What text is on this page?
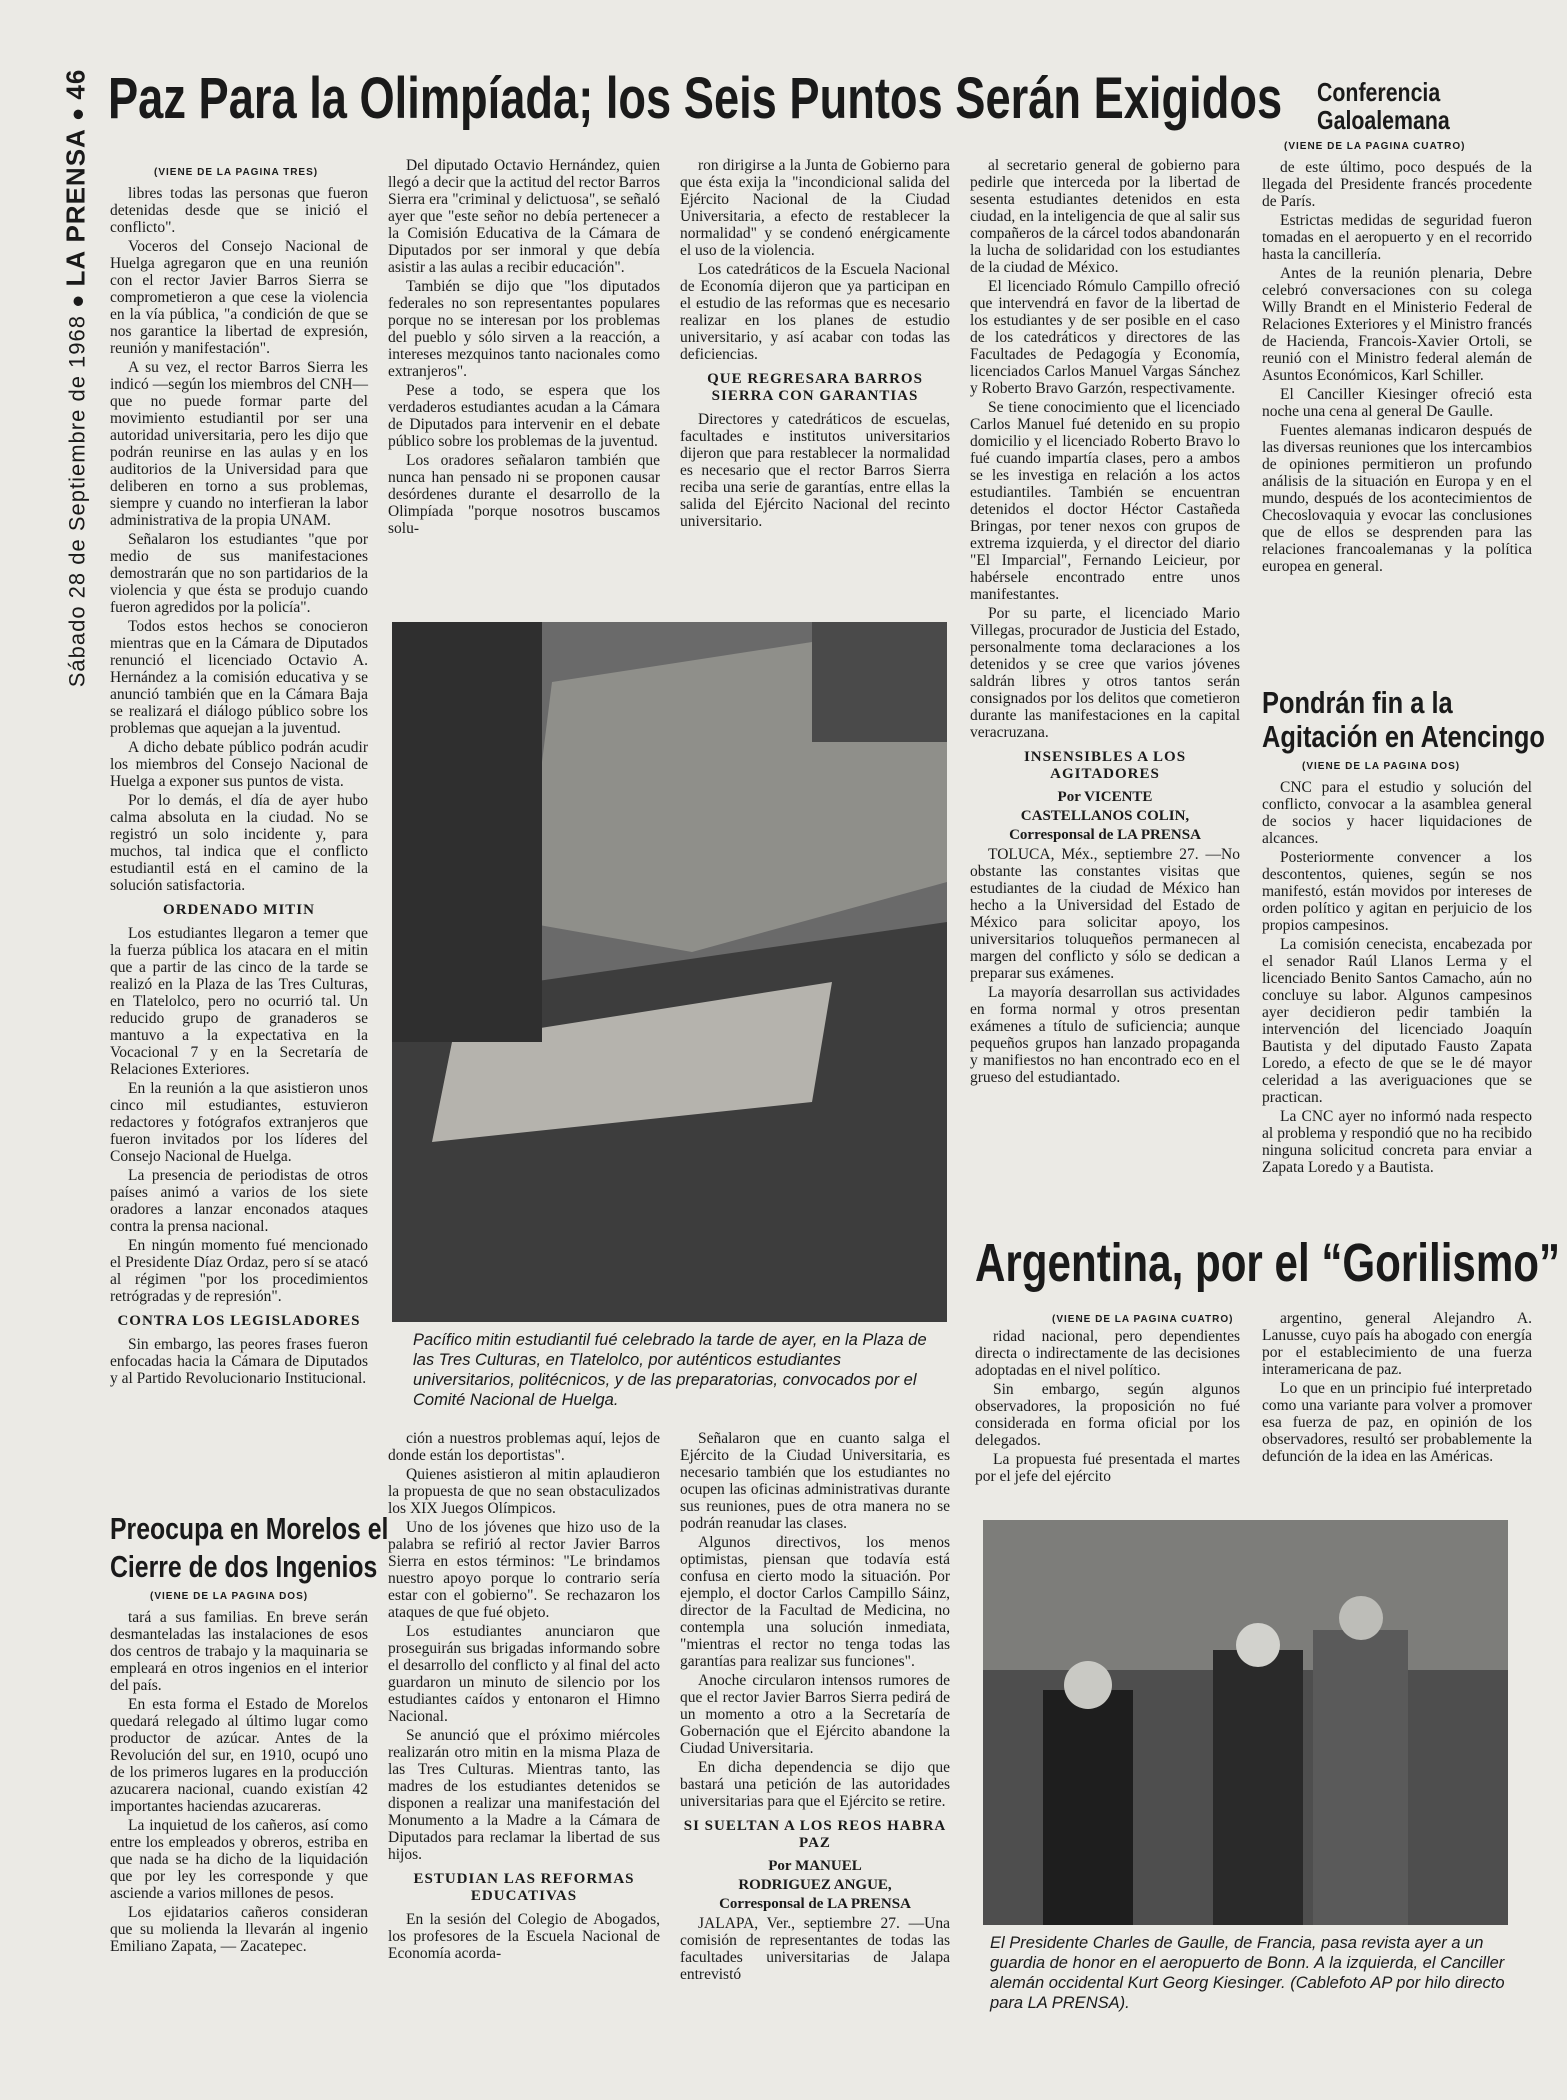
Sábado 28 de Septiembre de 1968 ● LA PRENSA ● 46 Paz Para la Olimpíada; los Seis Puntos Serán Exigidos
(VIENE DE LA PAGINA TRES)

libres todas las personas que fueron detenidas desde que se inició el conflicto".

Voceros del Consejo Nacional de Huelga agregaron que en una reunión con el rector Javier Barros Sierra se comprometieron a que cese la violencia en la vía pública, "a condición de que se nos garantice la libertad de expresión, reunión y manifestación".

A su vez, el rector Barros Sierra les indicó —según los miembros del CNH— que no puede formar parte del movimiento estudiantil por ser una autoridad universitaria, pero les dijo que podrán reunirse en las aulas y en los auditorios de la Universidad para que deliberen en torno a sus problemas, siempre y cuando no interfieran la labor administrativa de la propia UNAM.

Señalaron los estudiantes "que por medio de sus manifestaciones demostrarán que no son partidarios de la violencia y que ésta se produjo cuando fueron agredidos por la policía".

Todos estos hechos se conocieron mientras que en la Cámara de Diputados renunció el licenciado Octavio A. Hernández a la comisión educativa y se anunció también que en la Cámara Baja se realizará el diálogo público sobre los problemas que aquejan a la juventud.

A dicho debate público podrán acudir los miembros del Consejo Nacional de Huelga a exponer sus puntos de vista.

Por lo demás, el día de ayer hubo calma absoluta en la ciudad. No se registró un solo incidente y, para muchos, tal indica que el conflicto estudiantil está en el camino de la solución satisfactoria.

ORDENADO MITIN

Los estudiantes llegaron a temer que la fuerza pública los atacara en el mitin que a partir de las cinco de la tarde se realizó en la Plaza de las Tres Culturas, en Tlatelolco, pero no ocurrió tal. Un reducido grupo de granaderos se mantuvo a la expectativa en la Vocacional 7 y en la Secretaría de Relaciones Exteriores.

En la reunión a la que asistieron unos cinco mil estudiantes, estuvieron redactores y fotógrafos extranjeros que fueron invitados por los líderes del Consejo Nacional de Huelga.

La presencia de periodistas de otros países animó a varios de los siete oradores a lanzar enconados ataques contra la prensa nacional.

En ningún momento fué mencionado el Presidente Díaz Ordaz, pero sí se atacó al régimen "por los procedimientos retrógradas y de represión".

CONTRA LOS LEGISLADORES

Sin embargo, las peores frases fueron enfocadas hacia la Cámara de Diputados y al Partido Revolucionario Institucional.

Preocupa en Morelos el
Cierre de dos Ingenios
(VIENE DE LA PAGINA DOS)

tará a sus familias. En breve serán desmanteladas las instalaciones de esos dos centros de trabajo y la maquinaria se empleará en otros ingenios en el interior del país.

En esta forma el Estado de Morelos quedará relegado al último lugar como productor de azúcar. Antes de la Revolución del sur, en 1910, ocupó uno de los primeros lugares en la producción azucarera nacional, cuando existían 42 importantes haciendas azucareras.

La inquietud de los cañeros, así como entre los empleados y obreros, estriba en que nada se ha dicho de la liquidación que por ley les corresponde y que asciende a varios millones de pesos.

Los ejidatarios cañeros consideran que su molienda la llevarán al ingenio Emiliano Zapata, — Zacatepec.

Del diputado Octavio Hernández, quien llegó a decir que la actitud del rector Barros Sierra era "criminal y delictuosa", se señaló ayer que "este señor no debía pertenecer a la Comisión Educativa de la Cámara de Diputados por ser inmoral y que debía asistir a las aulas a recibir educación".

También se dijo que "los diputados federales no son representantes populares porque no se interesan por los problemas del pueblo y sólo sirven a la reacción, a intereses mezquinos tanto nacionales como extranjeros".

Pese a todo, se espera que los verdaderos estudiantes acudan a la Cámara de Diputados para intervenir en el debate público sobre los problemas de la juventud.

Los oradores señalaron también que nunca han pensado ni se proponen causar desórdenes durante el desarrollo de la Olimpíada "porque nosotros buscamos solu-

ron dirigirse a la Junta de Gobierno para que ésta exija la "incondicional salida del Ejército Nacional de la Ciudad Universitaria, a efecto de restablecer la normalidad" y se condenó enérgicamente el uso de la violencia.

Los catedráticos de la Escuela Nacional de Economía dijeron que ya participan en el estudio de las reformas que es necesario realizar en los planes de estudio universitario, y así acabar con todas las deficiencias.

QUE REGRESARA BARROS SIERRA CON GARANTIAS

Directores y catedráticos de escuelas, facultades e institutos universitarios dijeron que para restablecer la normalidad es necesario que el rector Barros Sierra reciba una serie de garantías, entre ellas la salida del Ejército Nacional del recinto universitario.

Pacífico mitin estudiantil fué celebrado la tarde de ayer, en la Plaza de las Tres Culturas, en Tlatelolco, por auténticos estudiantes universitarios, politécnicos, y de las preparatorias, convocados por el Comité Nacional de Huelga.

ción a nuestros problemas aquí, lejos de donde están los deportistas".

Quienes asistieron al mitin aplaudieron la propuesta de que no sean obstaculizados los XIX Juegos Olímpicos.

Uno de los jóvenes que hizo uso de la palabra se refirió al rector Javier Barros Sierra en estos términos: "Le brindamos nuestro apoyo porque lo contrario sería estar con el gobierno". Se rechazaron los ataques de que fué objeto.

Los estudiantes anunciaron que proseguirán sus brigadas informando sobre el desarrollo del conflicto y al final del acto guardaron un minuto de silencio por los estudiantes caídos y entonaron el Himno Nacional.

Se anunció que el próximo miércoles realizarán otro mitin en la misma Plaza de las Tres Culturas. Mientras tanto, las madres de los estudiantes detenidos se disponen a realizar una manifestación del Monumento a la Madre a la Cámara de Diputados para reclamar la libertad de sus hijos.

ESTUDIAN LAS REFORMAS EDUCATIVAS

En la sesión del Colegio de Abogados, los profesores de la Escuela Nacional de Economía acorda-

Señalaron que en cuanto salga el Ejército de la Ciudad Universitaria, es necesario también que los estudiantes no ocupen las oficinas administrativas durante sus reuniones, pues de otra manera no se podrán reanudar las clases.

Algunos directivos, los menos optimistas, piensan que todavía está confusa en cierto modo la situación. Por ejemplo, el doctor Carlos Campillo Sáinz, director de la Facultad de Medicina, no contempla una solución inmediata, "mientras el rector no tenga todas las garantías para realizar sus funciones".

Anoche circularon intensos rumores de que el rector Javier Barros Sierra pedirá de un momento a otro a la Secretaría de Gobernación que el Ejército abandone la Ciudad Universitaria.

En dicha dependencia se dijo que bastará una petición de las autoridades universitarias para que el Ejército se retire.

SI SUELTAN A LOS REOS HABRA PAZ
Por MANUEL
RODRIGUEZ ANGUE,
Corresponsal de LA PRENSA

JALAPA, Ver., septiembre 27. —Una comisión de representantes de todas las facultades universitarias de Jalapa entrevistó

al secretario general de gobierno para pedirle que interceda por la libertad de sesenta estudiantes detenidos en esta ciudad, en la inteligencia de que al salir sus compañeros de la cárcel todos abandonarán la lucha de solidaridad con los estudiantes de la ciudad de México.

El licenciado Rómulo Campillo ofreció que intervendrá en favor de la libertad de los estudiantes y de ser posible en el caso de los catedráticos y directores de las Facultades de Pedagogía y Economía, licenciados Carlos Manuel Vargas Sánchez y Roberto Bravo Garzón, respectivamente.

Se tiene conocimiento que el licenciado Carlos Manuel fué detenido en su propio domicilio y el licenciado Roberto Bravo lo fué cuando impartía clases, pero a ambos se les investiga en relación a los actos estudiantiles. También se encuentran detenidos el doctor Héctor Castañeda Bringas, por tener nexos con grupos de extrema izquierda, y el director del diario "El Imparcial", Fernando Leicieur, por habérsele encontrado entre unos manifestantes.

Por su parte, el licenciado Mario Villegas, procurador de Justicia del Estado, personalmente toma declaraciones a los detenidos y se cree que varios jóvenes saldrán libres y otros tantos serán consignados por los delitos que cometieron durante las manifestaciones en la capital veracruzana.

INSENSIBLES A LOS AGITADORES
Por VICENTE
CASTELLANOS COLIN,
Corresponsal de LA PRENSA

TOLUCA, Méx., septiembre 27. —No obstante las constantes visitas que estudiantes de la ciudad de México han hecho a la Universidad del Estado de México para solicitar apoyo, los universitarios toluqueños permanecen al margen del conflicto y sólo se dedican a preparar sus exámenes.

La mayoría desarrollan sus actividades en forma normal y otros presentan exámenes a título de suficiencia; aunque pequeños grupos han lanzado propaganda y manifiestos no han encontrado eco en el grueso del estudiantado.

Conferencia
Galoalemana
(VIENE DE LA PAGINA CUATRO)

de este último, poco después de la llegada del Presidente francés procedente de París.

Estrictas medidas de seguridad fueron tomadas en el aeropuerto y en el recorrido hasta la cancillería.

Antes de la reunión plenaria, Debre celebró conversaciones con su colega Willy Brandt en el Ministerio Federal de Relaciones Exteriores y el Ministro francés de Hacienda, Francois-Xavier Ortoli, se reunió con el Ministro federal alemán de Asuntos Económicos, Karl Schiller.

El Canciller Kiesinger ofreció esta noche una cena al general De Gaulle.

Fuentes alemanas indicaron después de las diversas reuniones que los intercambios de opiniones permitieron un profundo análisis de la situación en Europa y en el mundo, después de los acontecimientos de Checoslovaquia y evocar las conclusiones que de ellos se desprenden para las relaciones francoalemanas y la política europea en general.

Pondrán fin a la
Agitación en Atencingo
(VIENE DE LA PAGINA DOS)

CNC para el estudio y solución del conflicto, convocar a la asamblea general de socios y hacer liquidaciones de alcances.

Posteriormente convencer a los descontentos, quienes, según se nos manifestó, están movidos por intereses de orden político y agitan en perjuicio de los propios campesinos.

La comisión cenecista, encabezada por el senador Raúl Llanos Lerma y el licenciado Benito Santos Camacho, aún no concluye su labor. Algunos campesinos ayer decidieron pedir también la intervención del licenciado Joaquín Bautista y del diputado Fausto Zapata Loredo, a efecto de que se le dé mayor celeridad a las averiguaciones que se practican.

La CNC ayer no informó nada respecto al problema y respondió que no ha recibido ninguna solicitud concreta para enviar a Zapata Loredo y a Bautista.

Argentina, por el “Gorilismo”
(VIENE DE LA PAGINA CUATRO)

ridad nacional, pero dependientes directa o indirectamente de las decisiones adoptadas en el nivel político.

Sin embargo, según algunos observadores, la proposición no fué considerada en forma oficial por los delegados.

La propuesta fué presentada el martes por el jefe del ejército

argentino, general Alejandro A. Lanusse, cuyo país ha abogado con energía por el establecimiento de una fuerza interamericana de paz.

Lo que en un principio fué interpretado como una variante para volver a promover esa fuerza de paz, en opinión de los observadores, resultó ser probablemente la defunción de la idea en las Américas.

El Presidente Charles de Gaulle, de Francia, pasa revista ayer a un guardia de honor en el aeropuerto de Bonn. A la izquierda, el Canciller alemán occidental Kurt Georg Kiesinger. (Cablefoto AP por hilo directo para LA PRENSA).
